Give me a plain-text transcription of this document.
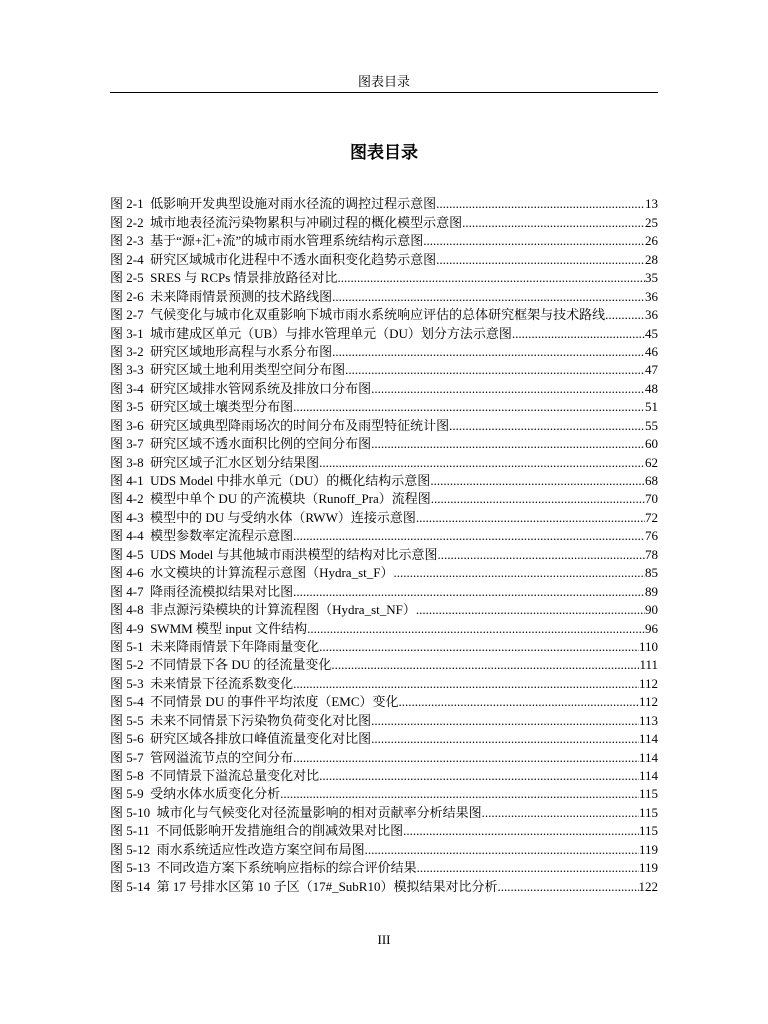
图表目录
图表目录
图 2-1  低影响开发典型设施对雨水径流的调控过程示意图 .....	13
图 2-2  城市地表径流污染物累积与冲刷过程的概化模型示意图 .....	25
图 2-3  基于“源+汇+流”的城市雨水管理系统结构示意图 .....	26
图 2-4  研究区域城市化进程中不透水面积变化趋势示意图 .....	28
图 2-5  SRES 与 RCPs 情景排放路径对比 .....	35
图 2-6  未来降雨情景预测的技术路线图 .....	36
图 2-7  气候变化与城市化双重影响下城市雨水系统响应评估的总体研究框架与技术路线 .....	36
图 3-1  城市建成区单元（UB）与排水管理单元（DU）划分方法示意图 .....	45
图 3-2  研究区域地形高程与水系分布图 .....	46
图 3-3  研究区域土地利用类型空间分布图 .....	47
图 3-4  研究区域排水管网系统及排放口分布图 .....	48
图 3-5  研究区域土壤类型分布图 .....	51
图 3-6  研究区域典型降雨场次的时间分布及雨型特征统计图 .....	55
图 3-7  研究区域不透水面积比例的空间分布图 .....	60
图 3-8  研究区域子汇水区划分结果图 .....	62
图 4-1  UDS Model 中排水单元（DU）的概化结构示意图 .....	68
图 4-2  模型中单个 DU 的产流模块（Runoff_Pra）流程图 .....	70
图 4-3  模型中的 DU 与受纳水体（RWW）连接示意图 .....	72
图 4-4  模型参数率定流程示意图 .....	76
图 4-5  UDS Model 与其他城市雨洪模型的结构对比示意图 .....	78
图 4-6  水文模块的计算流程示意图（Hydra_st_F） .....	85
图 4-7  降雨径流模拟结果对比图 .....	89
图 4-8  非点源污染模块的计算流程图（Hydra_st_NF） .....	90
图 4-9  SWMM 模型 input 文件结构 .....	96
图 5-1  未来降雨情景下年降雨量变化 .....	110
图 5-2  不同情景下各 DU 的径流量变化 .....	111
图 5-3  未来情景下径流系数变化 .....	112
图 5-4  不同情景 DU 的事件平均浓度（EMC）变化 .....	112
图 5-5  未来不同情景下污染物负荷变化对比图 .....	113
图 5-6  研究区域各排放口峰值流量变化对比图 .....	114
图 5-7  管网溢流节点的空间分布 .....	114
图 5-8  不同情景下溢流总量变化对比 .....	114
图 5-9  受纳水体水质变化分析 .....	115
图 5-10  城市化与气候变化对径流量影响的相对贡献率分析结果图 .....	115
图 5-11  不同低影响开发措施组合的削减效果对比图 .....	115
图 5-12  雨水系统适应性改造方案空间布局图 .....	119
图 5-13  不同改造方案下系统响应指标的综合评价结果 .....	119
图 5-14  第 17 号排水区第 10 子区（17#_SubR10）模拟结果对比分析 .....	122
III
